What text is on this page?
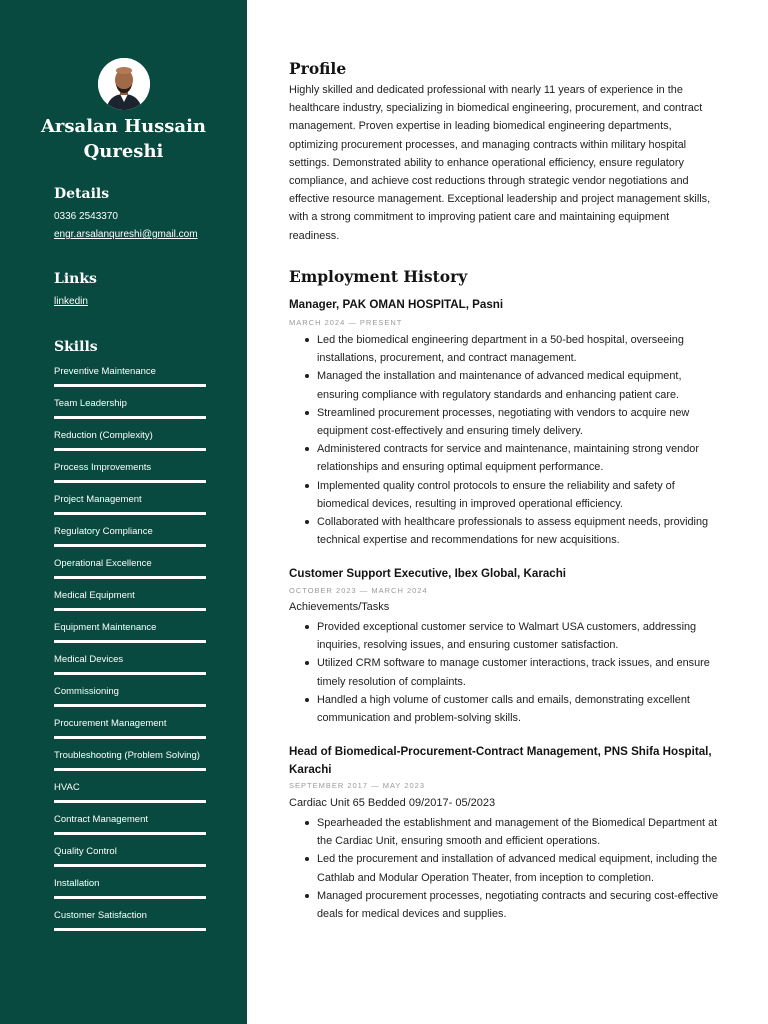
Arsalan Hussain Qureshi
Details
0336 2543370
engr.arsalanqureshi@gmail.com
Links
linkedin
Skills
Preventive Maintenance
Team Leadership
Reduction (Complexity)
Process Improvements
Project Management
Regulatory Compliance
Operational Excellence
Medical Equipment
Equipment Maintenance
Medical Devices
Commissioning
Procurement Management
Troubleshooting (Problem Solving)
HVAC
Contract Management
Quality Control
Installation
Customer Satisfaction
Profile

Highly skilled and dedicated professional with nearly 11 years of experience in the healthcare industry, specializing in biomedical engineering, procurement, and contract management. Proven expertise in leading biomedical engineering departments, optimizing procurement processes, and managing contracts within military hospital settings. Demonstrated ability to enhance operational efficiency, ensure regulatory compliance, and achieve cost reductions through strategic vendor negotiations and effective resource management. Exceptional leadership and project management skills, with a strong commitment to improving patient care and maintaining equipment readiness.

Employment History
Manager, PAK OMAN HOSPITAL, Pasni
MARCH 2024 — PRESENT
Led the biomedical engineering department in a 50-bed hospital, overseeing installations, procurement, and contract management.
Managed the installation and maintenance of advanced medical equipment, ensuring compliance with regulatory standards and enhancing patient care.
Streamlined procurement processes, negotiating with vendors to acquire new equipment cost-effectively and ensuring timely delivery.
Administered contracts for service and maintenance, maintaining strong vendor relationships and ensuring optimal equipment performance.
Implemented quality control protocols to ensure the reliability and safety of biomedical devices, resulting in improved operational efficiency.
Collaborated with healthcare professionals to assess equipment needs, providing technical expertise and recommendations for new acquisitions.
Customer Support Executive, Ibex Global, Karachi
OCTOBER 2023 — MARCH 2024
Achievements/Tasks
Provided exceptional customer service to Walmart USA customers, addressing inquiries, resolving issues, and ensuring customer satisfaction.
Utilized CRM software to manage customer interactions, track issues, and ensure timely resolution of complaints.
Handled a high volume of customer calls and emails, demonstrating excellent communication and problem-solving skills.
Head of Biomedical-Procurement-Contract Management, PNS Shifa Hospital, Karachi
SEPTEMBER 2017 — MAY 2023
Cardiac Unit 65 Bedded 09/2017- 05/2023
Spearheaded the establishment and management of the Biomedical Department at the Cardiac Unit, ensuring smooth and efficient operations.
Led the procurement and installation of advanced medical equipment, including the Cathlab and Modular Operation Theater, from inception to completion.
Managed procurement processes, negotiating contracts and securing cost-effective deals for medical devices and supplies.
